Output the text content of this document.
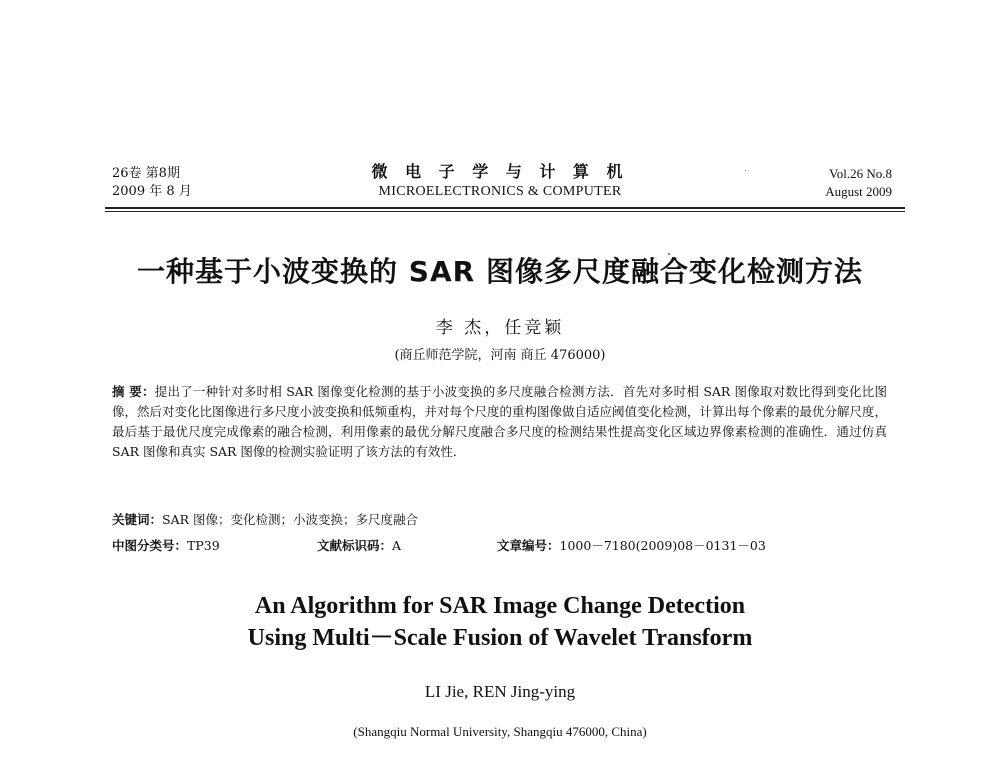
26卷 第8期
2009 年 8 月
微 电 子 学 与 计 算 机
MICROELECTRONICS & COMPUTER
Vol.26 No.8
August 2009
一种基于小波变换的 SAR 图像多尺度融合变化检测方法
李 杰，任竞颖
(商丘师范学院，河南 商丘 476000)
摘 要：提出了一种针对多时相 SAR 图像变化检测的基于小波变换的多尺度融合检测方法．首先对多时相 SAR 图像取对数比得到变化比图像，然后对变化比图像进行多尺度小波变换和低频重构，并对每个尺度的重构图像做自适应阈值变化检测，计算出每个像素的最优分解尺度，最后基于最优尺度完成像素的融合检测，利用像素的最优分解尺度融合多尺度的检测结果性提高变化区域边界像素检测的准确性．通过仿真 SAR 图像和真实 SAR 图像的检测实验证明了该方法的有效性．
关键词：SAR 图像；变化检测；小波变换；多尺度融合
中图分类号：TP39	文献标识码：A	文章编号：1000－7180(2009)08－0131－03
An Algorithm for SAR Image Change Detection
Using Multi－Scale Fusion of Wavelet Transform
LI Jie, REN Jing-ying
(Shangqiu Normal University, Shangqiu 476000, China)
